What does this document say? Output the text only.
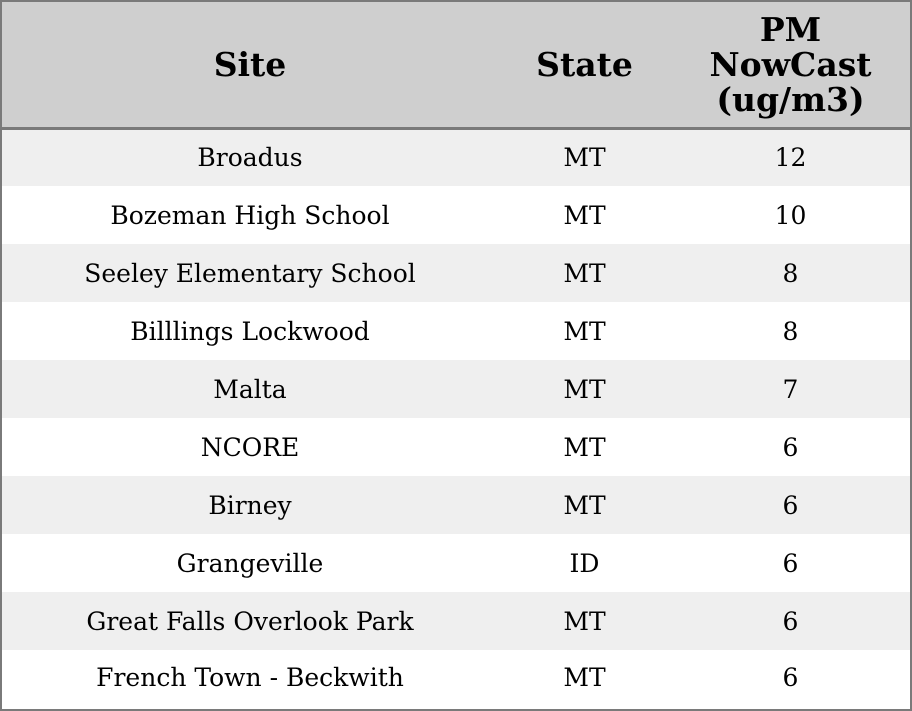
Site	State	PM
NowCast
(ug/m3)

Broadus	MT	12
Bozeman High School	MT	10
Seeley Elementary School	MT	8
Billlings Lockwood	MT	8
Malta	MT	7
NCORE	MT	6
Birney	MT	6
Grangeville	ID	6
Great Falls Overlook Park	MT	6
French Town - Beckwith	MT	6
